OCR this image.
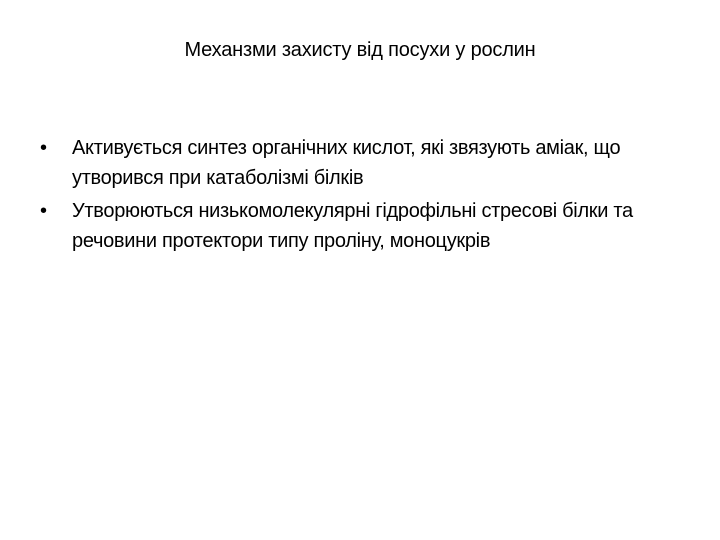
Механзми захисту від посухи у рослин
•	Активується синтез органічних кислот, які звязують аміак, що утворився при катаболізмі білків
•	Утворюються низькомолекулярні гідрофільні стресові білки та речовини протектори типу проліну, моноцукрів
